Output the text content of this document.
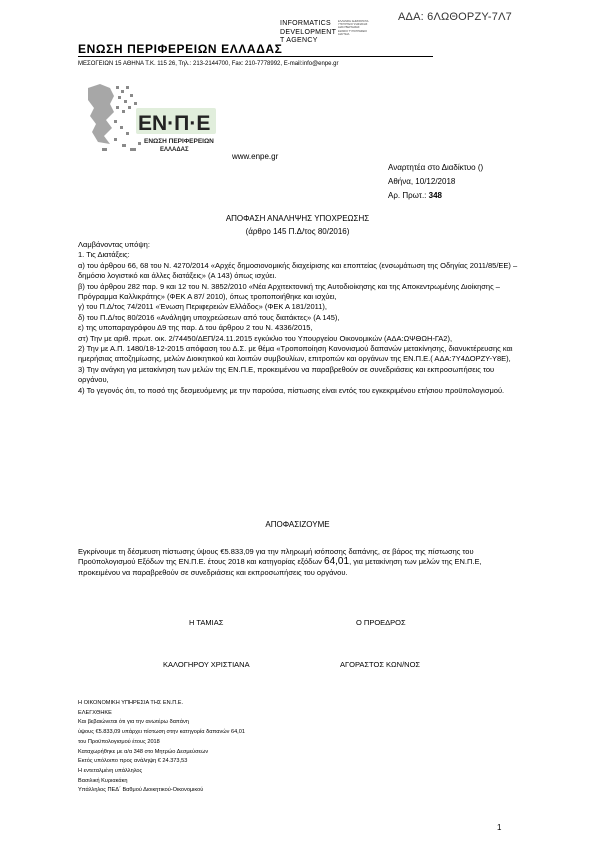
ΑΔΑ: 6ΛΩΘΟΡΖΥ-7Λ7
INFORMATICS
DEVELOPMENT
T AGENCY
ΕΛΛΗΝΙΚΗ ΔΗΜΟΚΡΑΤΙΑ
ΥΠΟΥΡΓΕΙΟ ΨΗΦΙΑΚΗΣ
ΔΙΑΚΥΒΕΡΝΗΣΗΣ
ΕΘΝΙΚΟ ΤΥΠΟΓΡΑΦΕΙΟ
ΔΙΑΥΓΕΙΑ
ΕΝΩΣΗ ΠΕΡΙΦΕΡΕΙΩΝ ΕΛΛΑΔΑΣ
ΜΕΣΟΓΕΙΩΝ 15 ΑΘΗΝΑ Τ.Κ. 115 26, Τηλ.: 213-2144700, Fax: 210-7778992, E-mail:info@enpe.gr
ΕΝ·Π·Ε
ΕΝΩΣΗ ΠΕΡΙΦΕΡΕΙΩΝ
ΕΛΛΑΔΑΣ
www.enpe.gr
Αναρτητέα στο Διαδίκτυο ()
Αθήνα, 10/12/2018
Αρ. Πρωτ.: 348
ΑΠΟΦΑΣΗ ΑΝΑΛΗΨΗΣ ΥΠΟΧΡΕΩΣΗΣ
(άρθρο 145 Π.Δ/τος 80/2016)

Λαμβάνοντας υπόψη:

1. Τις Διατάξεις:

α) του άρθρου 66, 68 του Ν. 4270/2014 «Αρχές δημοσιονομικής διαχείρισης και εποπτείας (ενσωμάτωση της Οδηγίας 2011/85/ΕΕ) – δημόσιο λογιστικό και άλλες διατάξεις» (Α 143) όπως ισχύει.

β) του άρθρου 282 παρ. 9 και 12 του Ν. 3852/2010 «Νέα Αρχιτεκτονική της Αυτοδιοίκησης και της Αποκεντρωμένης Διοίκησης – Πρόγραμμα Καλλικράτης» (ΦΕΚ Α 87/ 2010), όπως τροποποιήθηκε και ισχύει,

γ) του Π.Δ/τος 74/2011 «Ένωση Περιφερειών Ελλάδος» (ΦΕΚ Α 181/2011),

δ) του Π.Δ/τος 80/2016 «Ανάληψη υποχρεώσεων από τους διατάκτες» (Α 145),

ε) της υποπαραγράφου Δ9 της παρ. Δ του άρθρου 2 του Ν. 4336/2015,

στ) Την με αριθ. πρωτ. οικ. 2/74450/ΔΕΠ/24.11.2015 εγκύκλιο του Υπουργείου Οικονομικών (ΑΔΑ:ΩΨΘΩΗ-ΓΑ2),

2) Την με Α.Π. 1480/18-12-2015 απόφαση του Δ.Σ. με θέμα «Τροποποίηση Κανονισμού δαπανών μετακίνησης, διανυκτέρευσης και ημερήσιας αποζημίωσης, μελών Διοικητικού και λοιπών συμβουλίων, επιτροπών και οργάνων της ΕΝ.Π.Ε.( ΑΔΑ:7Υ4ΔΟΡΖΥ-Υ8Ε),

3) Την ανάγκη για μετακίνηση των μελών της ΕΝ.Π.Ε, προκειμένου να παραβρεθούν σε συνεδριάσεις και εκπροσωπήσεις του οργάνου,

4) Το γεγονός ότι, το ποσό της δεσμευόμενης με την παρούσα, πίστωσης είναι εντός του εγκεκριμένου ετήσιου προϋπολογισμού.

ΑΠΟΦΑΣΙΖΟΥΜΕ

Εγκρίνουμε τη δέσμευση πίστωσης ύψους €5.833,09 για την πληρωμή ισόποσης δαπάνης, σε βάρος της πίστωσης του Προϋπολογισμού Εξόδων της ΕΝ.Π.Ε. έτους 2018 και κατηγορίας εξόδων 64,01, για μετακίνηση των μελών της ΕΝ.Π.Ε, προκειμένου να παραβρεθούν σε συνεδριάσεις και εκπροσωπήσεις του οργάνου.

Η ΤΑΜΙΑΣ	Ο ΠΡΟΕΔΡΟΣ
ΚΑΛΟΓΗΡΟΥ ΧΡΙΣΤΙΑΝΑ	ΑΓΟΡΑΣΤΟΣ ΚΩΝ/ΝΟΣ
Η ΟΙΚΟΝΟΜΙΚΗ ΥΠΗΡΕΣΙΑ ΤΗΣ ΕΝ.Π.Ε.
ΕΛΕΓΧΘΗΚΕ
Και βεβαιώνεται ότι για την ανωτέρω δαπάνη
ύψους €5.833,09 υπάρχει πίστωση στην κατηγορία δαπανών 64,01
του Προϋπολογισμού έτους 2018
Καταχωρήθηκε με α/α 348 στο Μητρώο Δεσμεύσεων
Εκτός υπόλοιπο προς ανάληψη € 24.373,53
Η εντεταλμένη υπάλληλος
Βασιλική Κυριακάκη
Υπάλληλος ΠΕΔ΄ Βαθμού Διοικητικού-Οικονομικού
1
